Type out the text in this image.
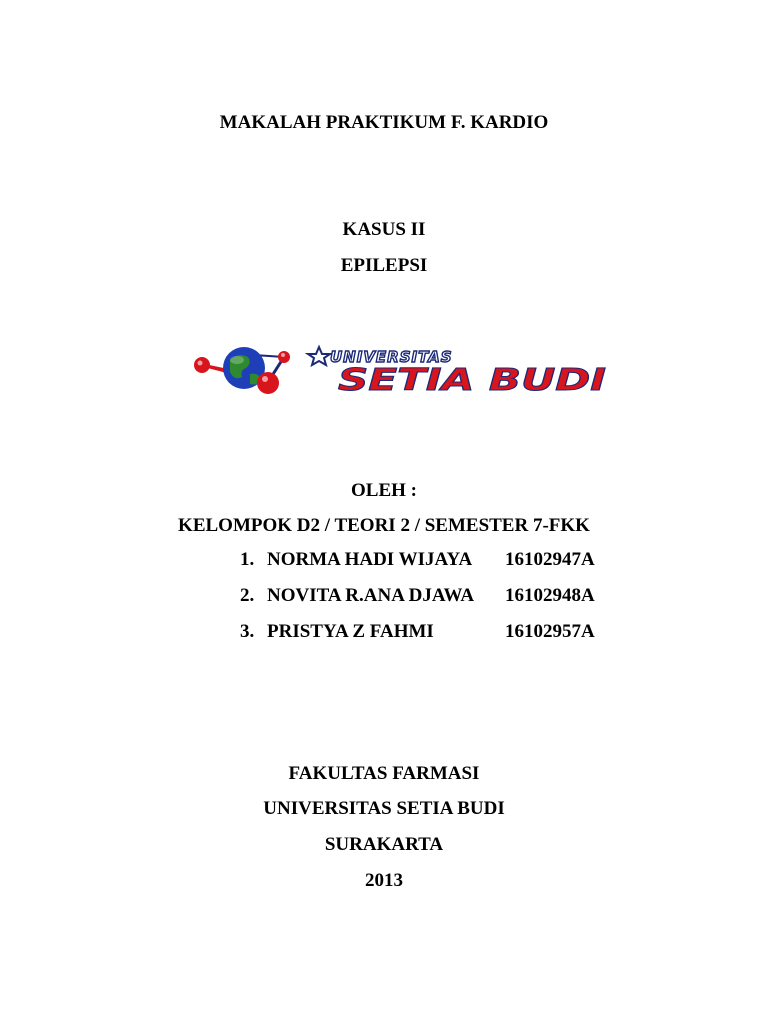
MAKALAH PRAKTIKUM F. KARDIO
KASUS II
EPILEPSI
UNIVERSITAS
SETIA BUDI
OLEH :
KELOMPOK D2 / TEORI 2 / SEMESTER 7-FKK
1. NORMA HADI WIJAYA 16102947A
2. NOVITA R.ANA DJAWA 16102948A
3. PRISTYA Z FAHMI	16102957A
FAKULTAS FARMASI
UNIVERSITAS SETIA BUDI
SURAKARTA
2013
